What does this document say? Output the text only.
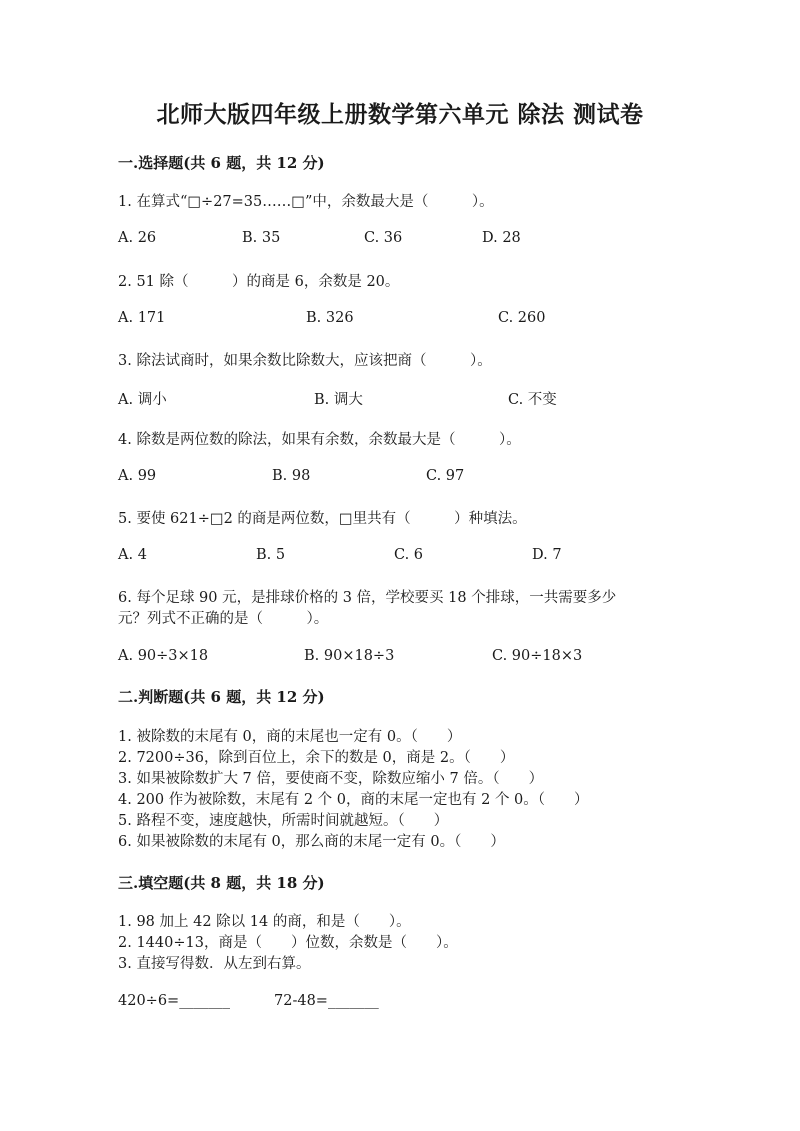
北师大版四年级上册数学第六单元 除法 测试卷
一.选择题(共 6 题，共 12 分)
1. 在算式“□÷27=35……□”中，余数最大是（　　　）。
A. 26	B. 35	C. 36	D. 28
2. 51 除（　　　）的商是 6，余数是 20。
A. 171	B. 326	C. 260
3. 除法试商时，如果余数比除数大，应该把商（　　　）。
A. 调小	B. 调大	C. 不变
4. 除数是两位数的除法，如果有余数，余数最大是（　　　）。
A. 99	B. 98	C. 97
5. 要使 621÷□2 的商是两位数，□里共有（　　　）种填法。
A. 4	B. 5	C. 6	D. 7
6. 每个足球 90 元，是排球价格的 3 倍，学校要买 18 个排球，一共需要多少
元？列式不正确的是（　　　）。
A. 90÷3×18	B. 90×18÷3	C. 90÷18×3
二.判断题(共 6 题，共 12 分)
1. 被除数的末尾有 0，商的末尾也一定有 0。（　　）
2. 7200÷36，除到百位上，余下的数是 0，商是 2。（　　）
3. 如果被除数扩大 7 倍，要使商不变，除数应缩小 7 倍。（　　）
4. 200 作为被除数，末尾有 2 个 0，商的末尾一定也有 2 个 0。（　　）
5. 路程不变，速度越快，所需时间就越短。（　　）
6. 如果被除数的末尾有 0，那么商的末尾一定有 0。（　　）
三.填空题(共 8 题，共 18 分)
1. 98 加上 42 除以 14 的商，和是（　　）。
2. 1440÷13，商是（　　）位数，余数是（　　）。
3. 直接写得数．从左到右算。
420÷6=_______	72-48=_______
